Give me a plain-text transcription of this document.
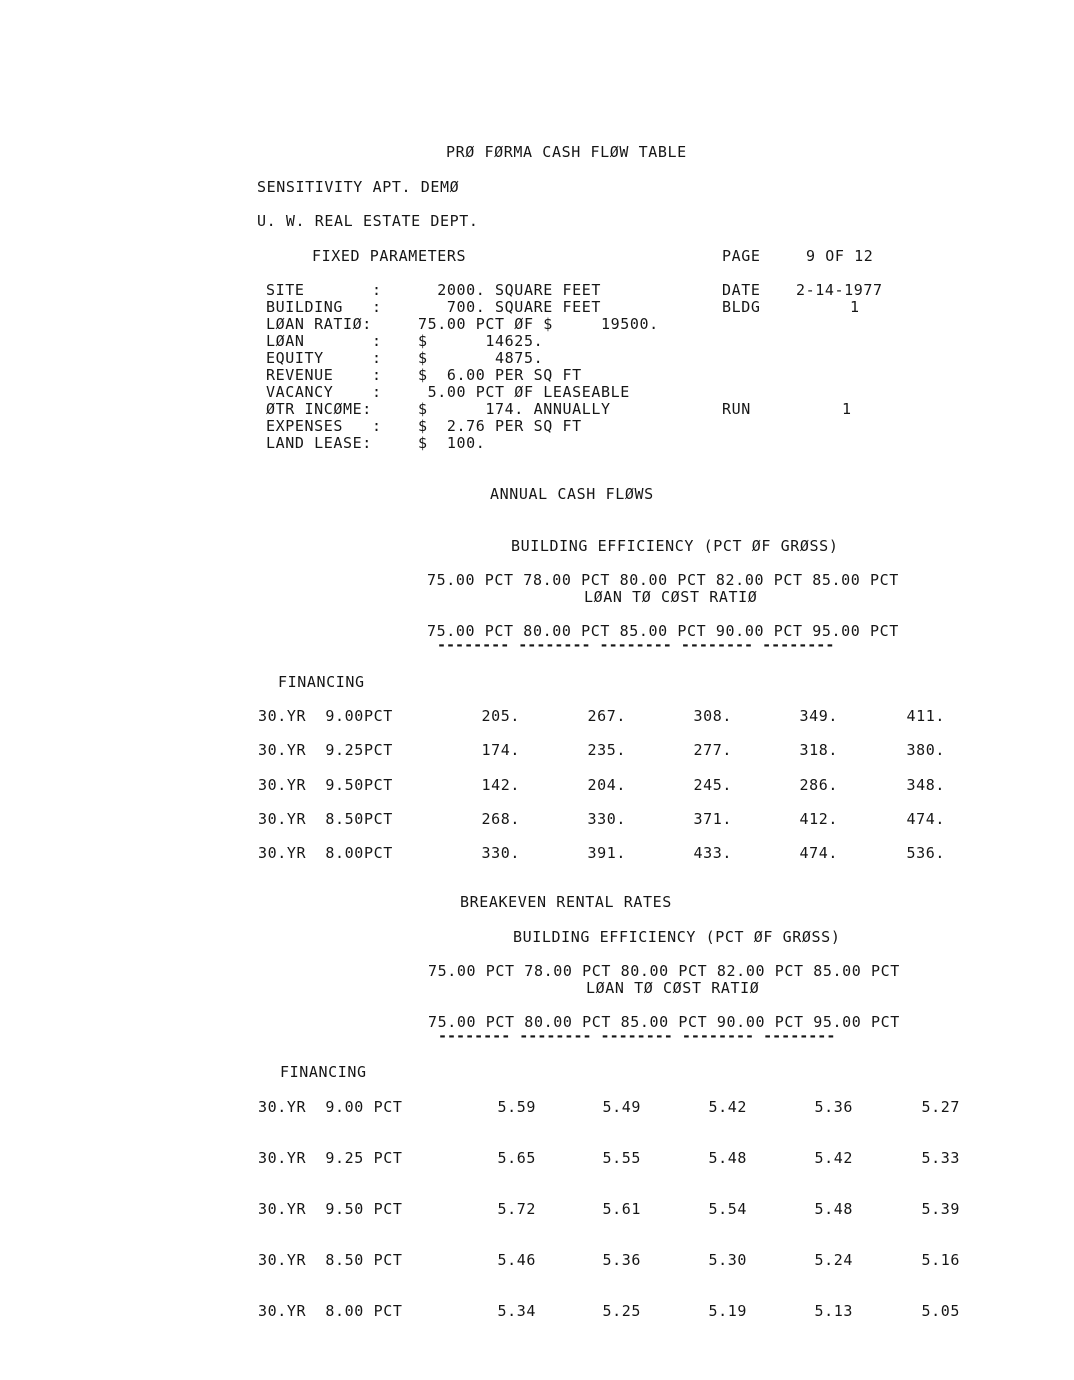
PRØ FØRMA CASH FLØW TABLE
SENSITIVITY APT. DEMØ
U. W. REAL ESTATE DEPT.
FIXED PARAMETERS	PAGE	9 OF 12
DATE 2-14-1977
BLDG	1
RUN	1
SITE       : 2000. SQUARE FEET
BUILDING   : 700. SQUARE FEET
LØAN RATIØ:	75.00 PCT ØF $     19500.
LØAN       : $      14625.
EQUITY     : $       4875.
REVENUE    : $  6.00 PER SQ FT
VACANCY    : 5.00 PCT ØF LEASEABLE
ØTR INCØME:	$      174. ANNUALLY
EXPENSES   : $  2.76 PER SQ FT
LAND LEASE:	$  100.
ANNUAL CASH FLØWS
BUILDING EFFICIENCY (PCT ØF GRØSS)
75.00 PCT 78.00 PCT 80.00 PCT 82.00 PCT 85.00 PCT
LØAN TØ CØST RATIØ
75.00 PCT 80.00 PCT 85.00 PCT 90.00 PCT 95.00 PCT
-------- -------- -------- -------- --------
FINANCING
30.YR  9.00PCT	205.	267.	308.	349.	411.
30.YR  9.25PCT	174.	235.	277.	318.	380.
30.YR  9.50PCT	142.	204.	245.	286.	348.
30.YR  8.50PCT	268.	330.	371.	412.	474.
30.YR  8.00PCT	330.	391.	433.	474.	536.
BREAKEVEN RENTAL RATES
BUILDING EFFICIENCY (PCT ØF GRØSS)
75.00 PCT 78.00 PCT 80.00 PCT 82.00 PCT 85.00 PCT
LØAN TØ CØST RATIØ
75.00 PCT 80.00 PCT 85.00 PCT 90.00 PCT 95.00 PCT
-------- -------- -------- -------- --------
FINANCING
30.YR  9.00 PCT	5.59	5.49	5.42	5.36	5.27
30.YR  9.25 PCT	5.65	5.55	5.48	5.42	5.33
30.YR  9.50 PCT	5.72	5.61	5.54	5.48	5.39
30.YR  8.50 PCT	5.46	5.36	5.30	5.24	5.16
30.YR  8.00 PCT	5.34	5.25	5.19	5.13	5.05
